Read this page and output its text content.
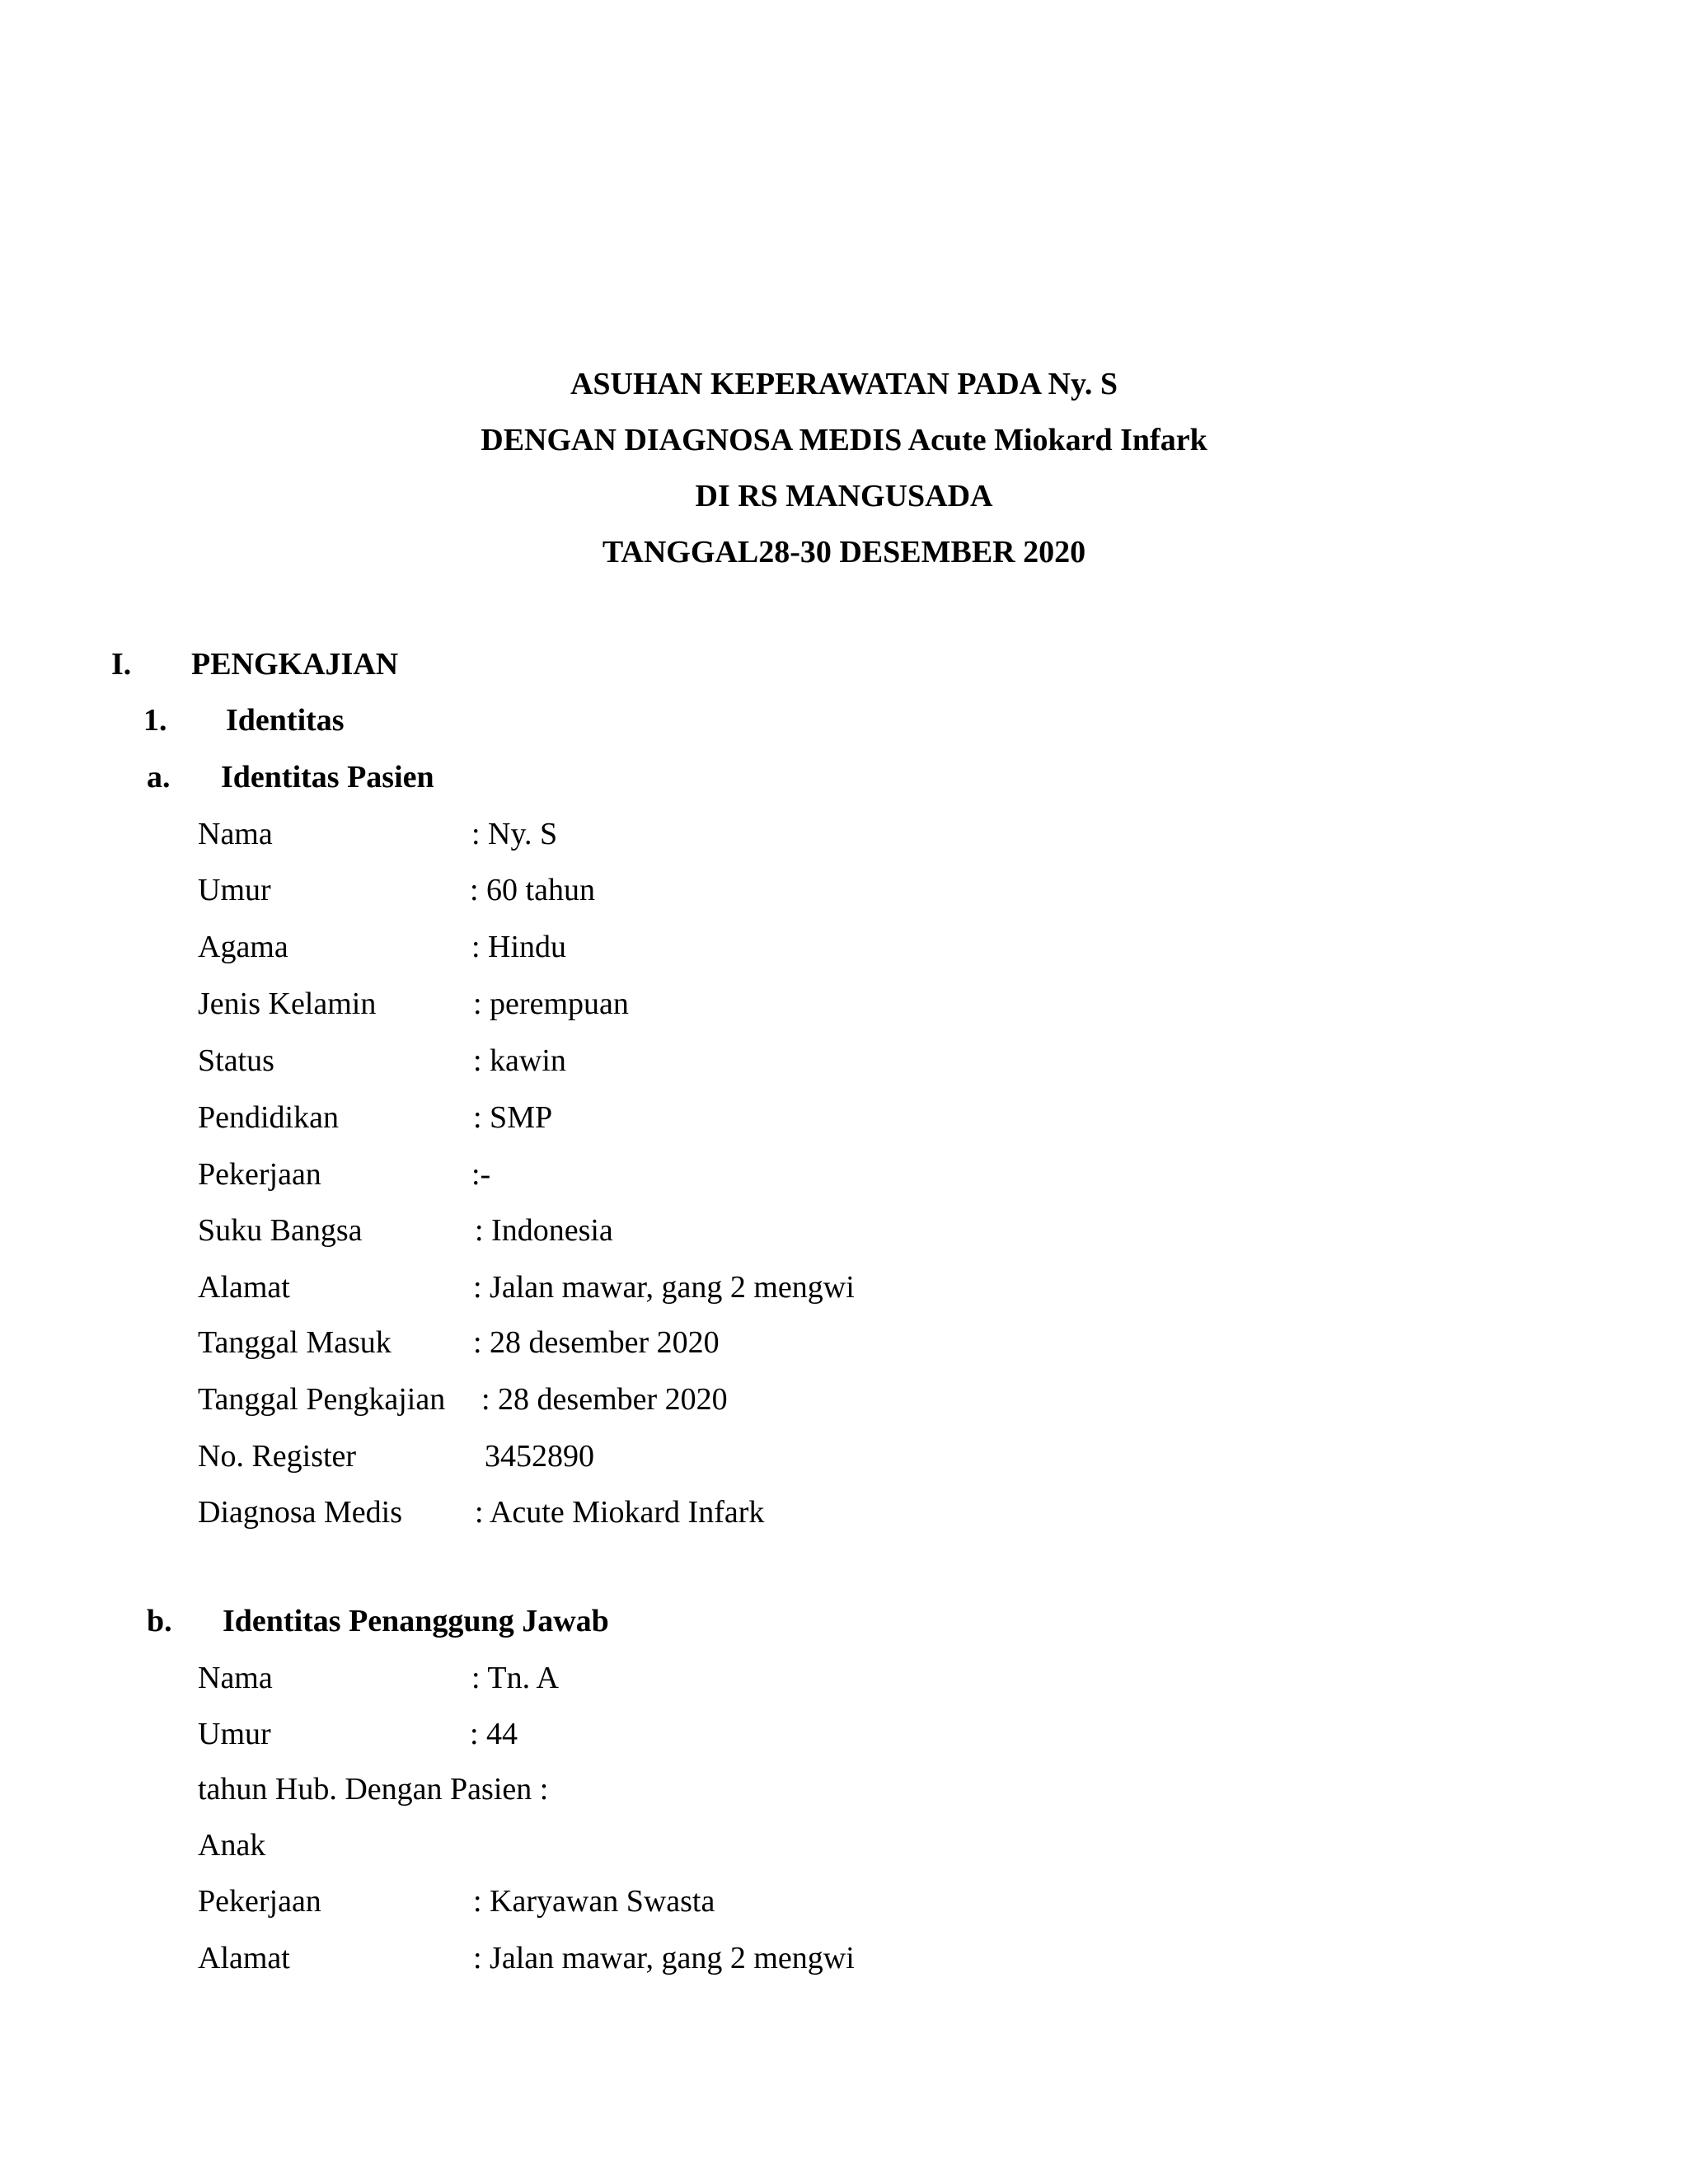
ASUHAN KEPERAWATAN PADA Ny. S
DENGAN DIAGNOSA MEDIS Acute Miokard Infark
DI RS MANGUSADA
TANGGAL28-30 DESEMBER 2020
I. PENGKAJIAN
1. Identitas
a. Identitas Pasien
Nama	: Ny. S
Umur	: 60 tahun
Agama	: Hindu
Jenis Kelamin	: perempuan
Status	: kawin
Pendidikan	: SMP
Pekerjaan	:-
Suku Bangsa	: Indonesia
Alamat	: Jalan mawar, gang 2 mengwi
Tanggal Masuk	: 28 desember 2020
Tanggal Pengkajian : 28 desember 2020
No. Register	3452890
Diagnosa Medis : Acute Miokard Infark
b. Identitas Penanggung Jawab
Nama	: Tn. A
Umur	: 44
tahun Hub. Dengan Pasien :
Anak
Pekerjaan	: Karyawan Swasta
Alamat	: Jalan mawar, gang 2 mengwi
